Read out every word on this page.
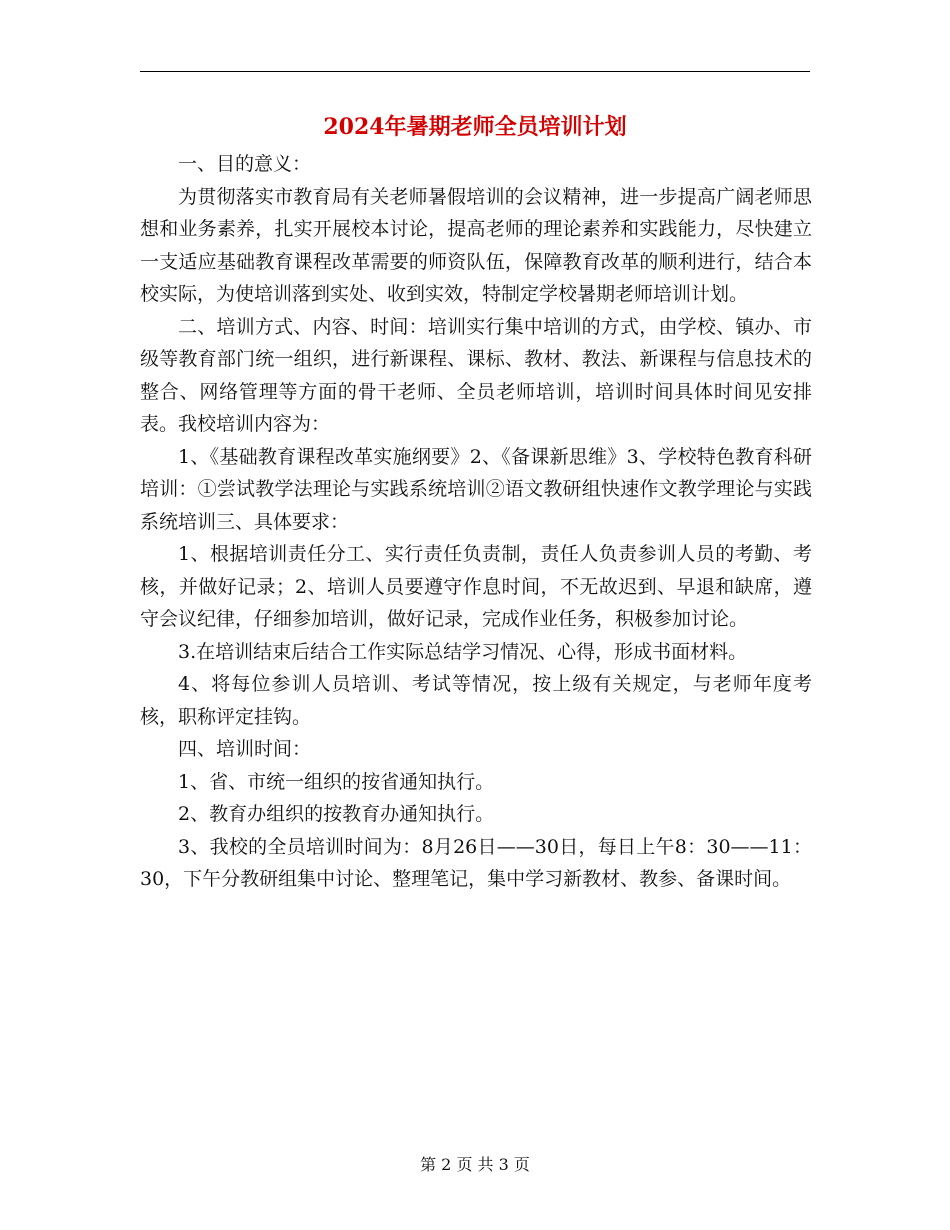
2024年暑期老师全员培训计划

一、目的意义：

为贯彻落实市教育局有关老师暑假培训的会议精神，进一步提高广阔老师思想和业务素养，扎实开展校本讨论，提高老师的理论素养和实践能力，尽快建立一支适应基础教育课程改革需要的师资队伍，保障教育改革的顺利进行，结合本校实际，为使培训落到实处、收到实效，特制定学校暑期老师培训计划。

二、培训方式、内容、时间：培训实行集中培训的方式，由学校、镇办、市级等教育部门统一组织，进行新课程、课标、教材、教法、新课程与信息技术的整合、网络管理等方面的骨干老师、全员老师培训，培训时间具体时间见安排表。我校培训内容为：

1、《基础教育课程改革实施纲要》2、《备课新思维》3、学校特色教育科研培训：①尝试教学法理论与实践系统培训②语文教研组快速作文教学理论与实践系统培训三、具体要求：

1、根据培训责任分工、实行责任负责制，责任人负责参训人员的考勤、考核，并做好记录；2、培训人员要遵守作息时间，不无故迟到、早退和缺席，遵守会议纪律，仔细参加培训，做好记录，完成作业任务，积极参加讨论。

3.在培训结束后结合工作实际总结学习情况、心得，形成书面材料。

4、将每位参训人员培训、考试等情况，按上级有关规定，与老师年度考核，职称评定挂钩。

四、培训时间：

1、省、市统一组织的按省通知执行。

2、教育办组织的按教育办通知执行。

3、我校的全员培训时间为：8月26日——30日，每日上午8：30——11：30，下午分教研组集中讨论、整理笔记，集中学习新教材、教参、备课时间。

第 2 页 共 3 页
